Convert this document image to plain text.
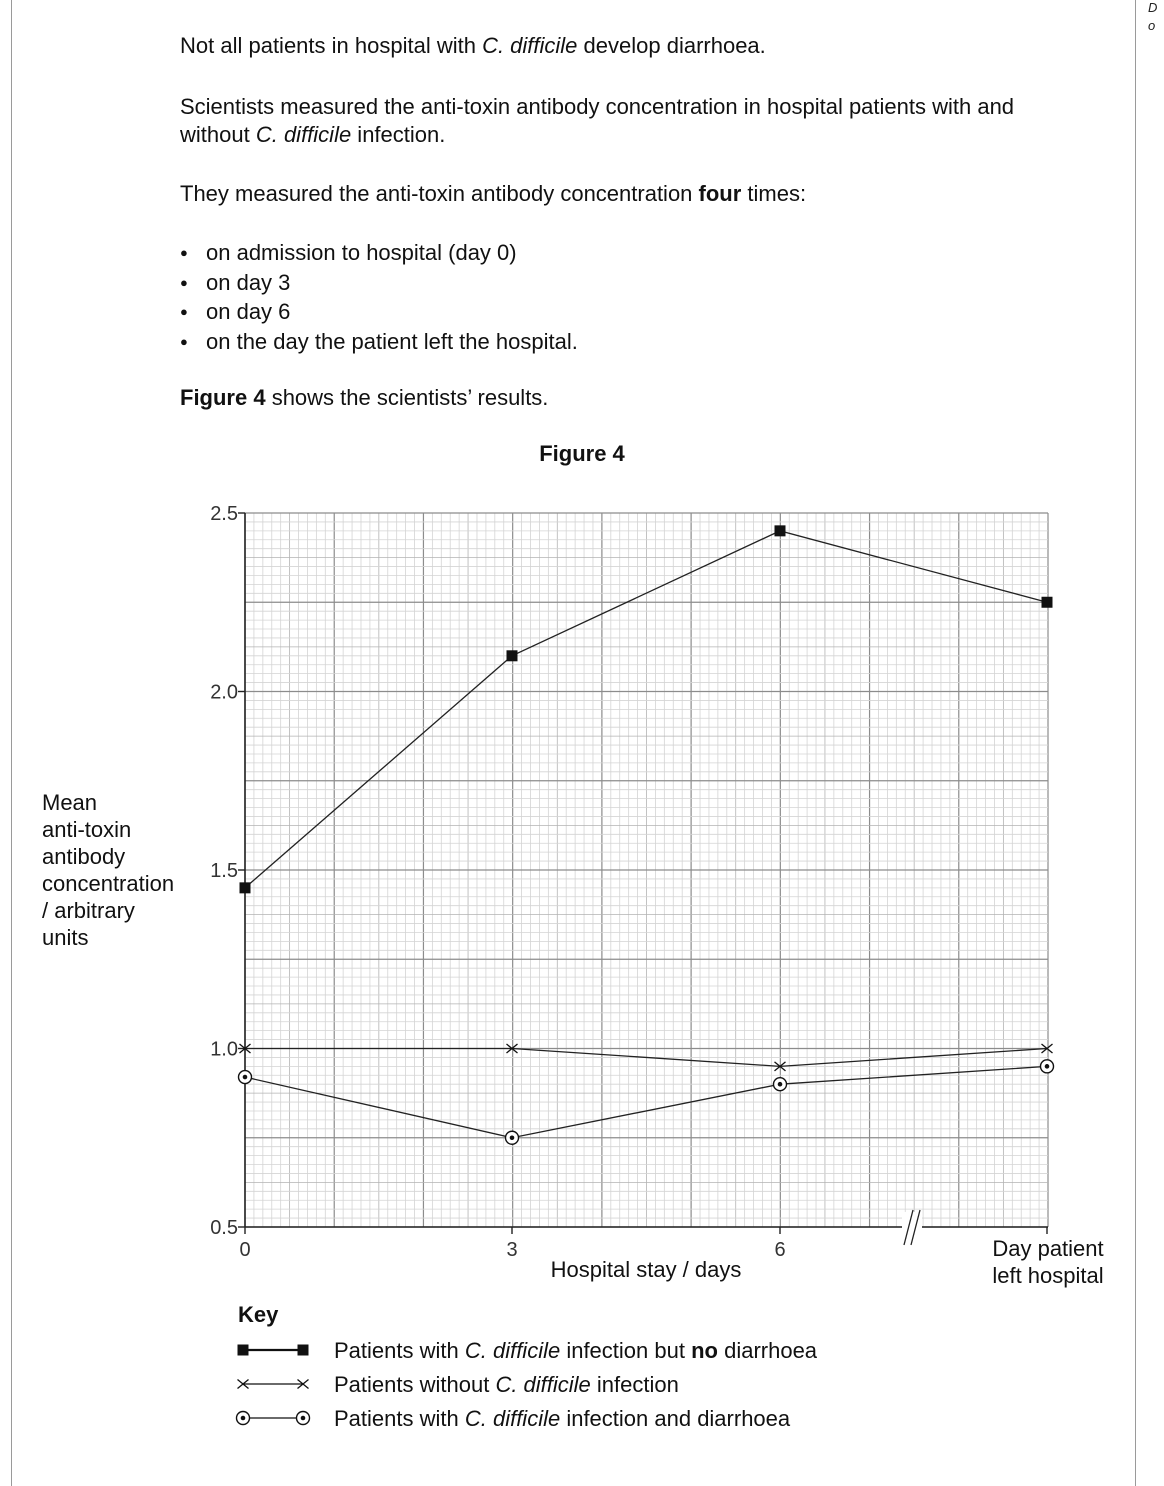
D
o
Not all patients in hospital with C. difficile develop diarrhoea.
Scientists measured the anti-toxin antibody concentration in hospital patients with and
without C. difficile infection.
They measured the anti-toxin antibody concentration four times:
● on admission to hospital (day 0)
● on day 3
● on day 6
● on the day the patient left the hospital.
Figure 4 shows the scientists’ results.
Figure 4
0.5
1.0
1.5
2.0
2.5
0	3	6	Day patient left hospital
Hospital stay / days
Mean anti-toxin antibody concentration / arbitrary units
Key
Patients with C. difficile infection but no diarrhoea
Patients without C. difficile infection
Patients with C. difficile infection and diarrhoea
